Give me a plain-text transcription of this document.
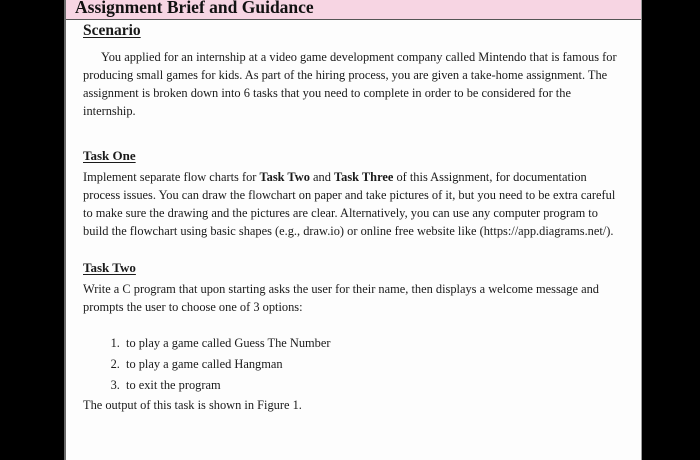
Assignment Brief and Guidance
Scenario

You applied for an internship at a video game development company called Mintendo that is famous for producing small games for kids. As part of the hiring process, you are given a take-home assignment. The assignment is broken down into 6 tasks that you need to complete in order to be considered for the internship.

Task One

Implement separate flow charts for Task Two and Task Three of this Assignment, for documentation process issues. You can draw the flowchart on paper and take pictures of it, but you need to be extra careful to make sure the drawing and the pictures are clear. Alternatively, you can use any computer program to build the flowchart using basic shapes (e.g., draw.io) or online free website like (https://app.diagrams.net/).

Task Two

Write a C program that upon starting asks the user for their name, then displays a welcome message and prompts the user to choose one of 3 options:

1. to play a game called Guess The Number
2. to play a game called Hangman
3. to exit the program

The output of this task is shown in Figure 1.
